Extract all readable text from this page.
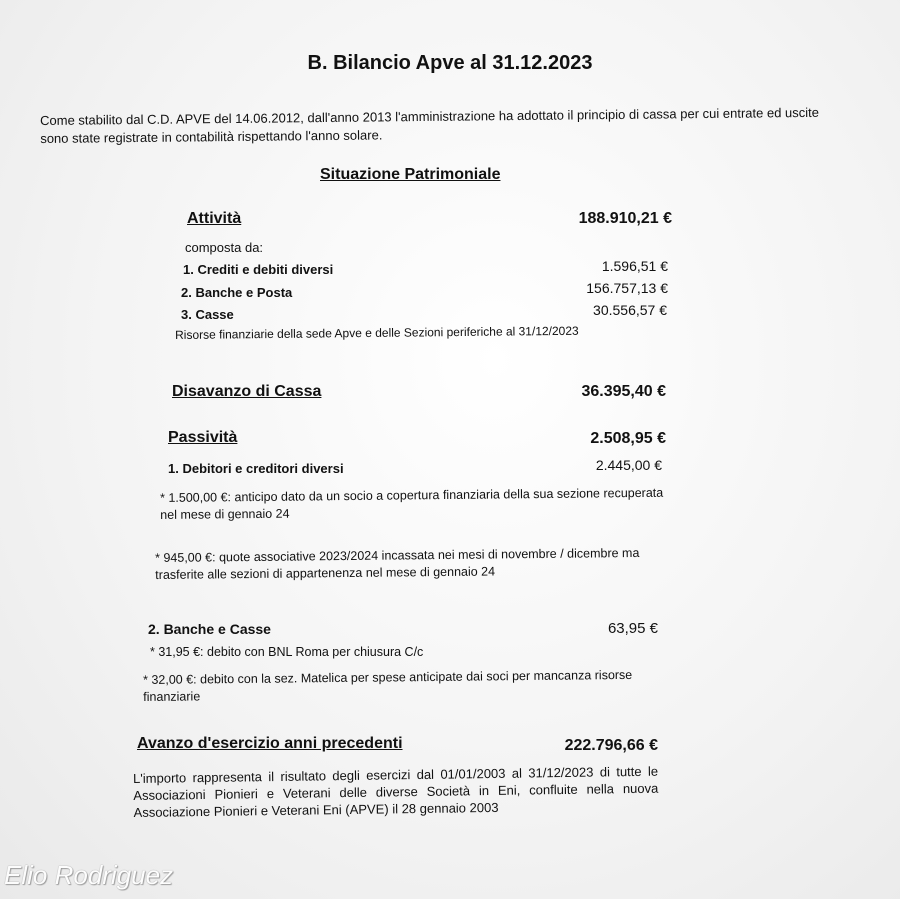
B. Bilancio Apve al 31.12.2023
Come stabilito dal C.D. APVE del 14.06.2012, dall'anno 2013 l'amministrazione ha adottato il principio di cassa per cui entrate ed uscite sono state registrate in contabilità rispettando l'anno solare.
Situazione Patrimoniale
Attività	188.910,21 €
composta da:
1. Crediti e debiti diversi	1.596,51 €
2. Banche e Posta	156.757,13 €
3. Casse	30.556,57 €
Risorse finanziarie della sede Apve e delle Sezioni periferiche al 31/12/2023
Disavanzo di Cassa	36.395,40 €
Passività	2.508,95 €
1. Debitori e creditori diversi	2.445,00 €
* 1.500,00 €: anticipo dato da un socio a copertura finanziaria della sua sezione recuperata nel mese di gennaio 24
* 945,00 €: quote associative 2023/2024 incassata nei mesi di novembre / dicembre ma trasferite alle sezioni di appartenenza nel mese di gennaio 24
2. Banche e Casse	63,95 €
* 31,95 €: debito con BNL Roma per chiusura C/c
* 32,00 €: debito con la sez. Matelica per spese anticipate dai soci per mancanza risorse finanziarie
Avanzo d'esercizio anni precedenti	222.796,66 €
L'importo rappresenta il risultato degli esercizi dal 01/01/2003 al 31/12/2023 di tutte le Associazioni Pionieri e Veterani delle diverse Società in Eni, confluite nella nuova Associazione Pionieri e Veterani Eni (APVE) il 28 gennaio 2003
Elio Rodriguez
